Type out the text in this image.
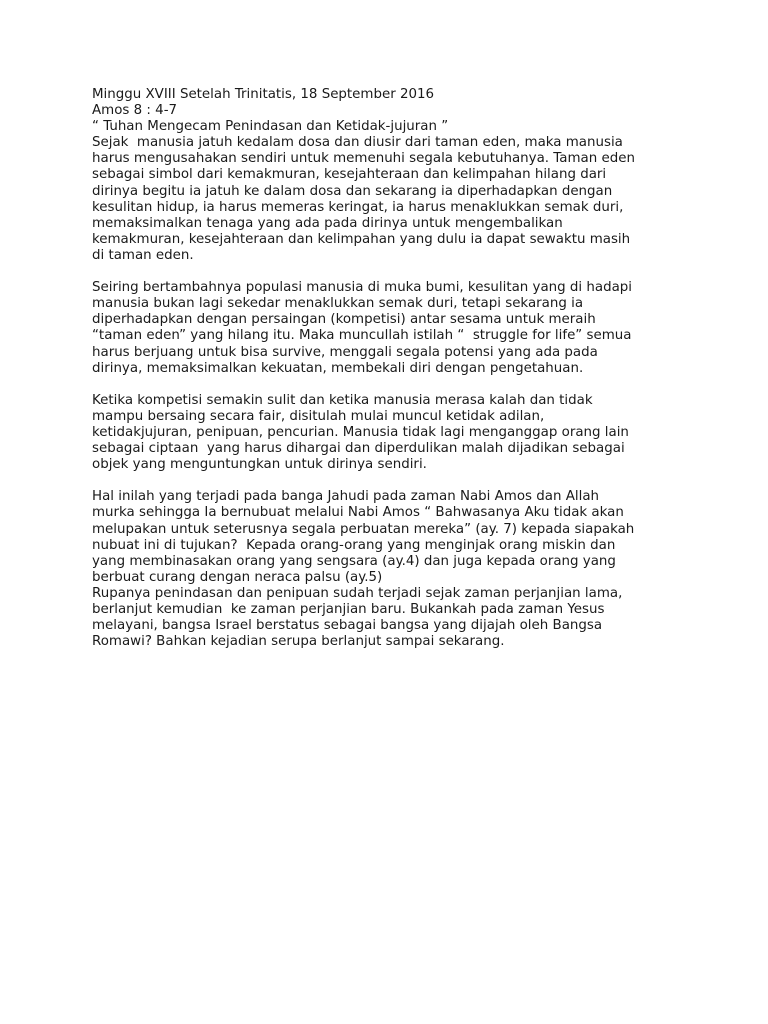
Minggu XVIII Setelah Trinitatis, 18 September 2016

Amos 8 : 4-7

“ Tuhan Mengecam Penindasan dan Ketidak-jujuran ”

Sejak  manusia jatuh kedalam dosa dan diusir dari taman eden, maka manusia
harus mengusahakan sendiri untuk memenuhi segala kebutuhanya. Taman eden
sebagai simbol dari kemakmuran, kesejahteraan dan kelimpahan hilang dari
dirinya begitu ia jatuh ke dalam dosa dan sekarang ia diperhadapkan dengan
kesulitan hidup, ia harus memeras keringat, ia harus menaklukkan semak duri,
memaksimalkan tenaga yang ada pada dirinya untuk mengembalikan
kemakmuran, kesejahteraan dan kelimpahan yang dulu ia dapat sewaktu masih
di taman eden.

Seiring bertambahnya populasi manusia di muka bumi, kesulitan yang di hadapi
manusia bukan lagi sekedar menaklukkan semak duri, tetapi sekarang ia
diperhadapkan dengan persaingan (kompetisi) antar sesama untuk meraih
“taman eden” yang hilang itu. Maka muncullah istilah “  struggle for life” semua
harus berjuang untuk bisa survive, menggali segala potensi yang ada pada
dirinya, memaksimalkan kekuatan, membekali diri dengan pengetahuan.

Ketika kompetisi semakin sulit dan ketika manusia merasa kalah dan tidak
mampu bersaing secara fair, disitulah mulai muncul ketidak adilan,
ketidakjujuran, penipuan, pencurian. Manusia tidak lagi menganggap orang lain
sebagai ciptaan  yang harus dihargai dan diperdulikan malah dijadikan sebagai
objek yang menguntungkan untuk dirinya sendiri.

Hal inilah yang terjadi pada banga Jahudi pada zaman Nabi Amos dan Allah
murka sehingga Ia bernubuat melalui Nabi Amos “ Bahwasanya Aku tidak akan
melupakan untuk seterusnya segala perbuatan mereka” (ay. 7) kepada siapakah
nubuat ini di tujukan?  Kepada orang-orang yang menginjak orang miskin dan
yang membinasakan orang yang sengsara (ay.4) dan juga kepada orang yang
berbuat curang dengan neraca palsu (ay.5)

Rupanya penindasan dan penipuan sudah terjadi sejak zaman perjanjian lama,
berlanjut kemudian  ke zaman perjanjian baru. Bukankah pada zaman Yesus
melayani, bangsa Israel berstatus sebagai bangsa yang dijajah oleh Bangsa
Romawi? Bahkan kejadian serupa berlanjut sampai sekarang.
